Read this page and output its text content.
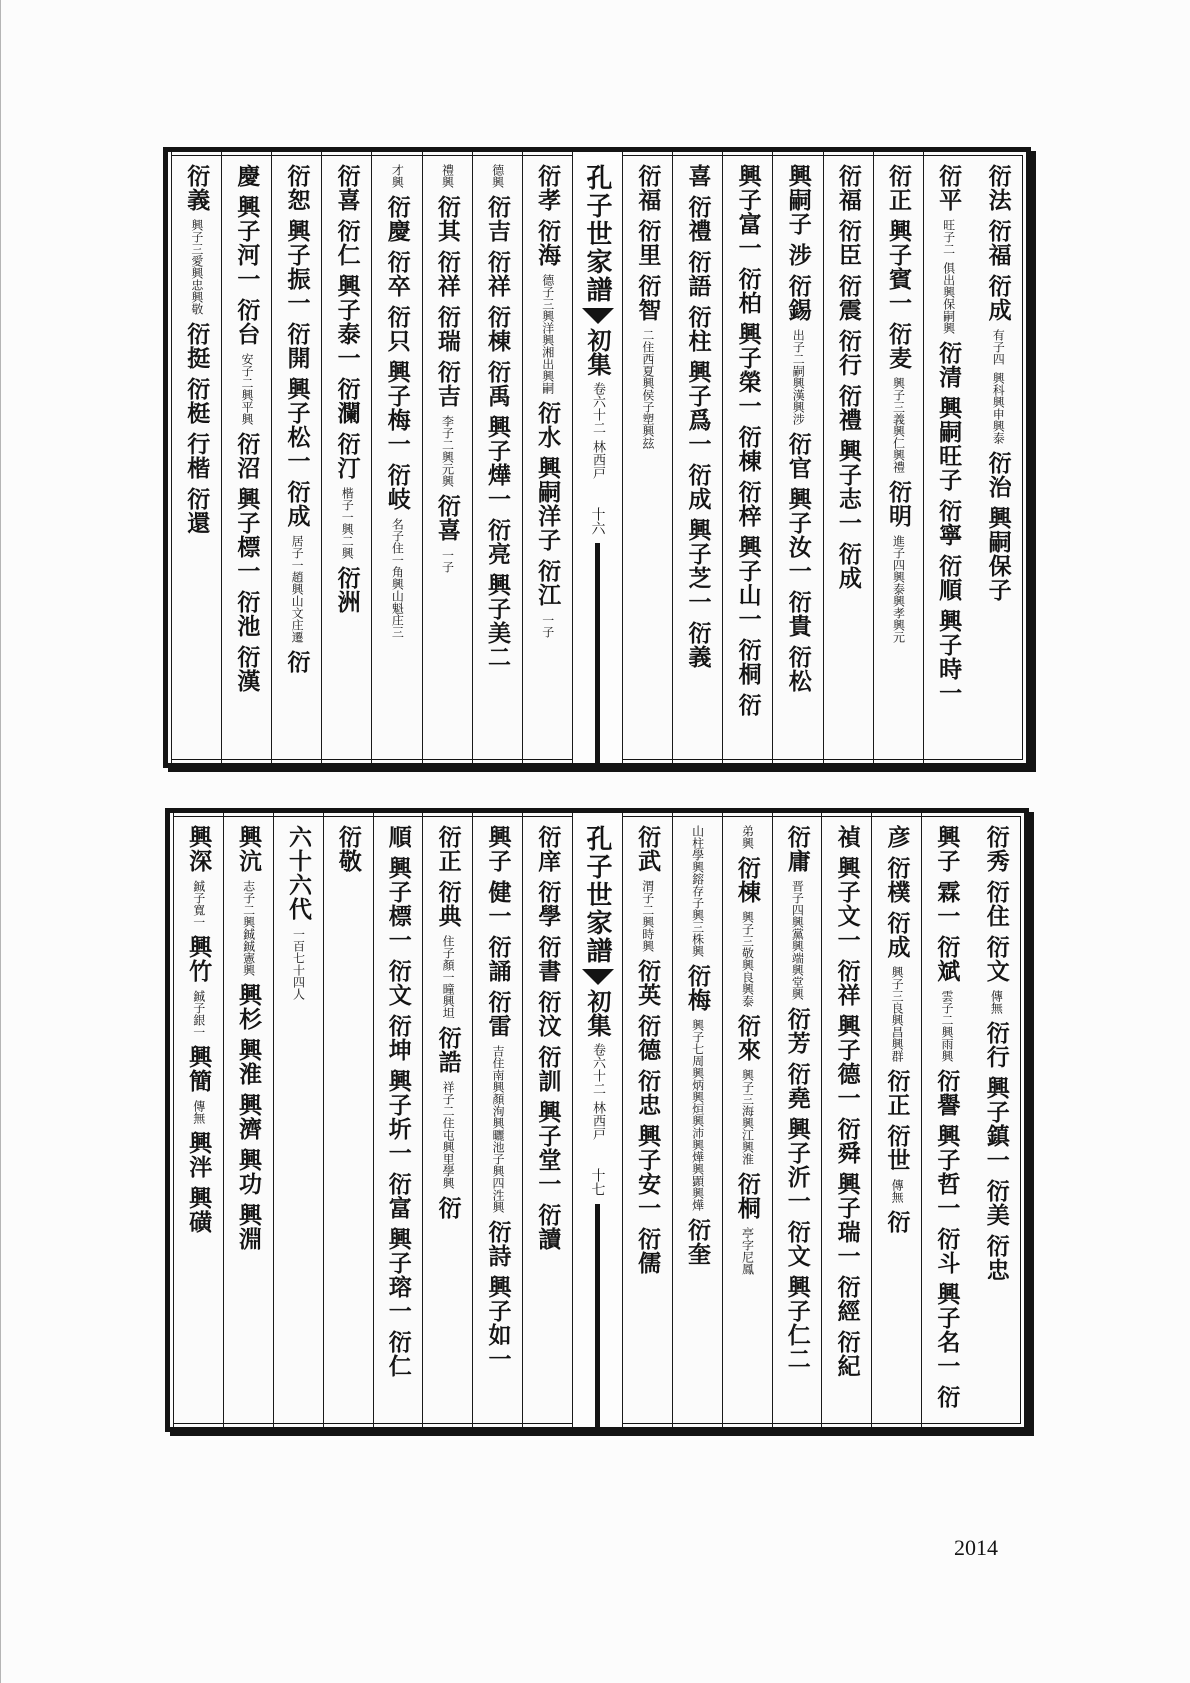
衍法
衍福
衍成
有子四
興科興申興泰
衍治
興嗣保子
衍平
旺子二
俱出興保嗣興
衍清
興嗣旺子
衍寧
衍順
興子時一
衍正
興子賓一
衍麦
興子三義興仁興禮
衍明
進子四興泰興孝興元
衍福
衍臣
衍震
衍行
衍禮
興子志一
衍成
興嗣子
涉
衍錫
出子二嗣興漢興涉
衍官
興子汝一
衍貴
衍松
興子富一
衍柏
興子榮一
衍棟
衍梓
興子山一
衍桐
衍
喜
衍禮
衍語
衍柱
興子爲一
衍成
興子芝一
衍義
衍福
衍里
衍智
二住西夏興侯子塑興玆
孔子世家譜
初集
卷六十二
林西戸
十六
衍孝
衍海
德子三興洋興湘出興嗣
衍水
興嗣洋子
衍江
一子
德興
衍吉
衍祥
衍棟
衍禹
興子燁一
衍亮
興子美二
禮興
衍其
衍祥
衍瑞
衍吉
李子二興元興
衍喜
一子
才興
衍慶
衍卒
衍只
興子梅一
衍岐
名子住一角興山魁庄三
衍喜
衍仁
興子泰一
衍瀾
衍汀
楷子一興二興
衍洲
衍恕
興子振一
衍開
興子松一
衍成
居子一趙興山文庄遷
衍
慶
興子河一
衍台
安子二興平興
衍沼
興子標一
衍池
衍漢
衍義
興子三愛興忠興敬
衍挺
衍梃
行楷
衍還
衍秀
衍住
衍文
傳無
衍行
興子鎮一
衍美
衍忠
興子
霖一
衍斌
雲子二興雨興
衍譽
興子哲一
衍斗
興子名一
衍
彦
衍樸
衍成
興子三良興昌興群
衍正
衍世
傳無
衍
禎
興子文一
衍祥
興子德一
衍舜
興子瑞一
衍經
衍紀
衍庸
晋子四興黨興端興堂興
衍芳
衍堯
興子沂一
衍文
興子仁二
弟興
衍棟
興子三敬興良興泰
衍來
興子三海興江興淮
衍桐
亭字尼鳳
山柱學興鎔存子興三株興
衍梅
興子七周興炳興烜興沛興燁興顕興燁
衍奎
衍武
渭子二興時興
衍英
衍德
衍忠
興子安一
衍儒
孔子世家譜
初集
卷六十二
林西戸
十七
衍庠
衍學
衍書
衍汶
衍訓
興子堂一
衍讀
興子
健一
衍誦
衍雷
吉住南興顏洵興曬池子興四泩興
衍詩
興子如一
衍正
衍典
住子顏一曈興坦
衍誥
祥子二住屯興里學興
衍
順
興子標一
衍文
衍坤
興子圻一
衍富
興子瑢一
衍仁
衍敬
六十六代
一百七十四人
興沆
志子二興鋮鋮憲興
興杉
興淮
興濟
興功
興淵
興深
鋮子寬一
興竹
鋮子銀一
興簡
傳無
興泮
興磺
2014
